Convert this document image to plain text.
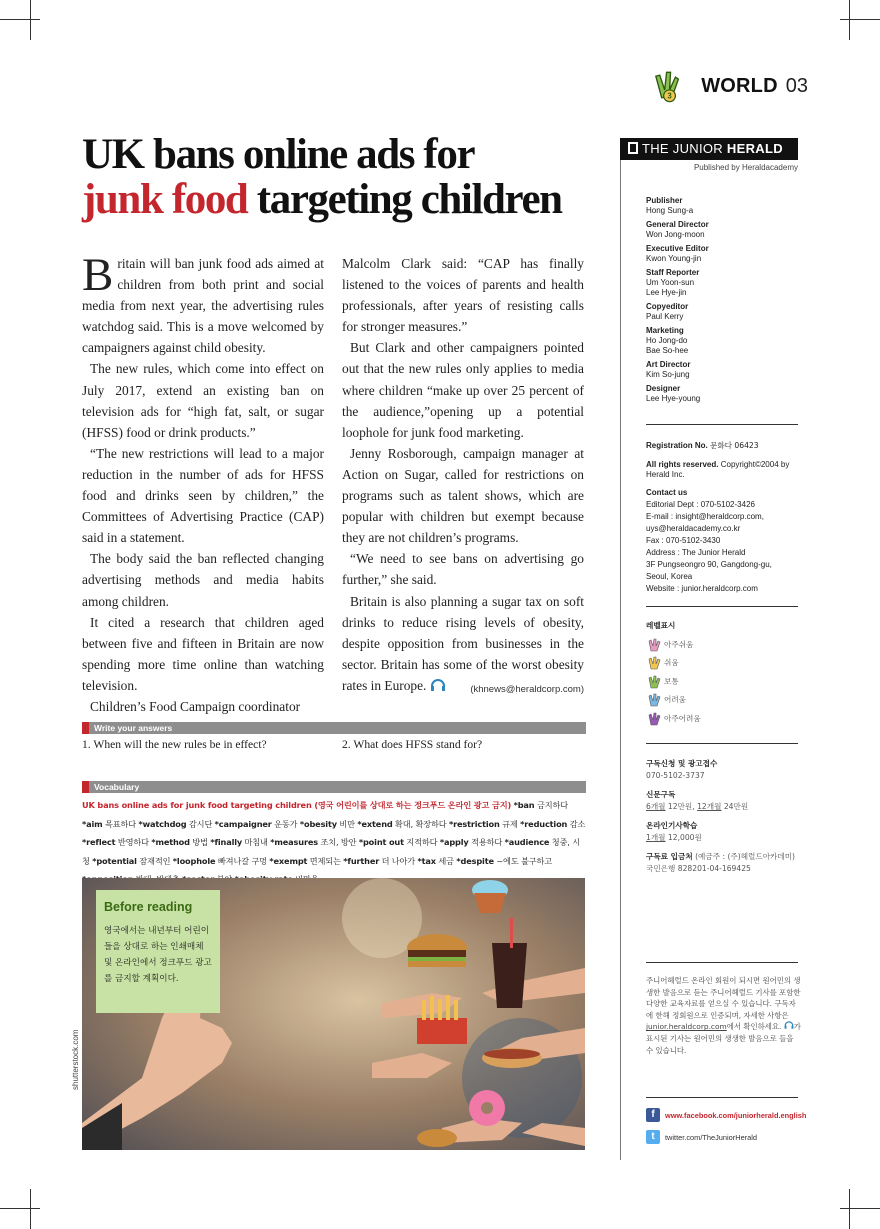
3 WORLD 03
UK bans online ads for
junk food targeting children

Britain will ban junk food ads aimed at children from both print and social media from next year, the advertising rules watchdog said. This is a move welcomed by campaigners against child obesity.

The new rules, which come into effect on July 2017, extend an existing ban on television ads for “high fat, salt, or sugar (HFSS) food or drink products.”

“The new restrictions will lead to a major reduction in the number of ads for HFSS food and drinks seen by children,” the Committees of Advertising Practice (CAP) said in a statement.

The body said the ban reflected changing advertising methods and media habits among children.

It cited a research that children aged between five and fifteen in Britain are now spending more time online than watching television.

Children’s Food Campaign coordinator

Malcolm Clark said: “CAP has finally listened to the voices of parents and health professionals, after years of resisting calls for stronger measures.”

But Clark and other campaigners pointed out that the new rules only applies to media where children “make up over 25 percent of the audience,”opening up a potential loophole for junk food marketing.

Jenny Rosborough, campaign manager at Action on Sugar, called for restrictions on programs such as talent shows, which are popular with children but exempt because they are not children’s programs.

“We need to see bans on advertising go further,” she said.

Britain is also planning a sugar tax on soft drinks to reduce rising levels of obesity, despite opposition from businesses in the sector. Britain has some of the worst obesity rates in Europe.	(khnews@heraldcorp.com)

Write your answers
1. When will the new rules be in effect?	2. What does HFSS stand for?
Vocabulary
UK bans online ads for junk food targeting children (영국 어린이를 상대로 하는 정크푸드 온라인 광고 금지) *ban 금지하다 *aim 목표하다 *watchdog 감시단 *campaigner 운동가 *obesity 비만 *extend 확대, 확장하다 *restriction 규제 *reduction 감소 *reflect 반영하다 *method 방법 *finally 마침내 *measures 조치, 방안 *point out 지적하다 *apply 적용하다 *audience 청중, 시청 *potential 잠재적인 *loophole 빠져나갈 구멍 *exempt 면제되는 *further 더 나아가 *tax 세금 *despite ~에도 불구하고
Before reading
영국에서는 내년부터 어린이들을 상대로 하는 인쇄매체 및 온라인에서 정크푸드 광고를 금지할 계획이다.
shutterstock.com
THE JUNIOR HERALD
Published by Heraldacademy
Publisher
Hong Sung-a
General Director
Won Jong-moon
Executive Editor
Kwon Young-jin
Staff Reporter
Um Yoon-sun
Lee Hye-jin
Copyeditor
Paul Kerry
Marketing
Ho Jong-do
Bae So-hee
Art Director
Kim So-jung
Designer
Lee Hye-young
Registration No. 문화다 06423
All rights reserved. Copyright©2004 by Herald Inc.
Contact us
Editorial Dept : 070-5102-3426
E-mail : insight@heraldcorp.com,
uys@heraldacademy.co.kr
Fax : 070-5102-3430
Address : The Junior Herald
3F Pungseongro 90, Gangdong-gu,
Seoul, Korea
Website : junior.heraldcorp.com
레벨표시
아주쉬움
쉬움
보통
어려움
아주어려움
구독신청 및 광고접수
070-5102-3737
신문구독
6개월 12만원, 12개월 24만원
온라인기사학습
1개월 12,000원
구독료 입금처 (예금주 : (주)헤럴드아카데미)
국민은행 828201-04-169425
주니어헤럴드 온라인 회원이 되시면 원어민의 생생한 발음으로 듣는 주니어헤럴드 기사를 포함한 다양한 교육자료를 얻으실 수 있습니다. 구독자에 한해 정회원으로 인증되며, 자세한 사항은 junior.heraldcorp.com에서 확인하세요. 가 표시된 기사는 원어민의 생생한 발음으로 들을 수 있습니다.
f	www.facebook.com/juniorherald.english
t	twitter.com/TheJuniorHerald
